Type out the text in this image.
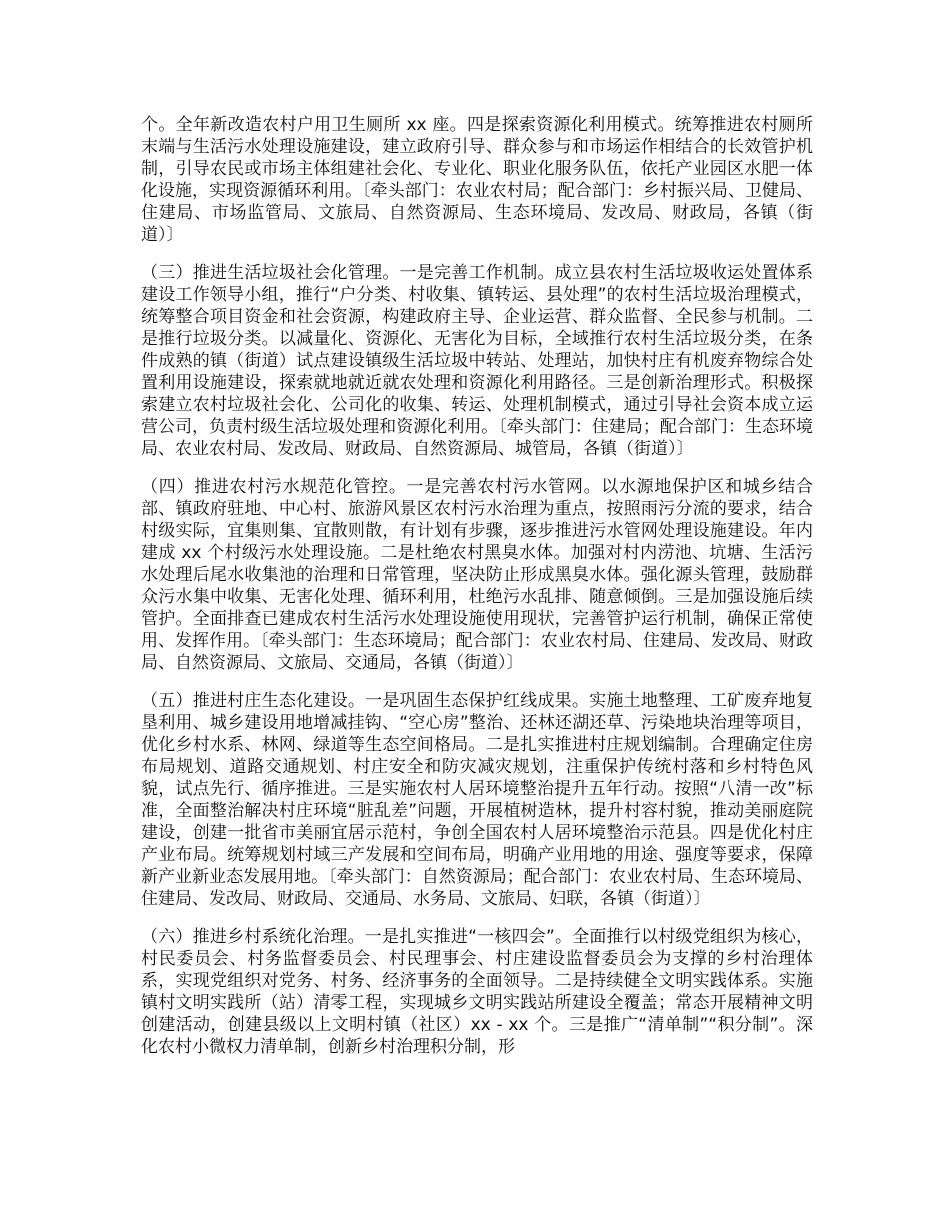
个。全年新改造农村户用卫生厕所 xx 座。四是探索资源化利用模式。统筹推进农村厕所末端与生活污水处理设施建设，建立政府引导、群众参与和市场运作相结合的长效管护机制，引导农民或市场主体组建社会化、专业化、职业化服务队伍，依托产业园区水肥一体化设施，实现资源循环利用。〔牵头部门：农业农村局；配合部门：乡村振兴局、卫健局、住建局、市场监管局、文旅局、自然资源局、生态环境局、发改局、财政局，各镇（街道）〕

（三）推进生活垃圾社会化管理。一是完善工作机制。成立县农村生活垃圾收运处置体系建设工作领导小组，推行“户分类、村收集、镇转运、县处理”的农村生活垃圾治理模式，统筹整合项目资金和社会资源，构建政府主导、企业运营、群众监督、全民参与机制。二是推行垃圾分类。以减量化、资源化、无害化为目标，全域推行农村生活垃圾分类，在条件成熟的镇（街道）试点建设镇级生活垃圾中转站、处理站，加快村庄有机废弃物综合处置利用设施建设，探索就地就近就农处理和资源化利用路径。三是创新治理形式。积极探索建立农村垃圾社会化、公司化的收集、转运、处理机制模式，通过引导社会资本成立运营公司，负责村级生活垃圾处理和资源化利用。〔牵头部门：住建局；配合部门：生态环境局、农业农村局、发改局、财政局、自然资源局、城管局，各镇（街道）〕

（四）推进农村污水规范化管控。一是完善农村污水管网。以水源地保护区和城乡结合部、镇政府驻地、中心村、旅游风景区农村污水治理为重点，按照雨污分流的要求，结合村级实际，宜集则集、宜散则散，有计划有步骤，逐步推进污水管网处理设施建设。年内建成 xx 个村级污水处理设施。二是杜绝农村黑臭水体。加强对村内涝池、坑塘、生活污水处理后尾水收集池的治理和日常管理，坚决防止形成黑臭水体。强化源头管理，鼓励群众污水集中收集、无害化处理、循环利用，杜绝污水乱排、随意倾倒。三是加强设施后续管护。全面排查已建成农村生活污水处理设施使用现状，完善管护运行机制，确保正常使用、发挥作用。〔牵头部门：生态环境局；配合部门：农业农村局、住建局、发改局、财政局、自然资源局、文旅局、交通局，各镇（街道）〕

（五）推进村庄生态化建设。一是巩固生态保护红线成果。实施土地整理、工矿废弃地复垦利用、城乡建设用地增减挂钩、“空心房”整治、还林还湖还草、污染地块治理等项目，优化乡村水系、林网、绿道等生态空间格局。二是扎实推进村庄规划编制。合理确定住房布局规划、道路交通规划、村庄安全和防灾减灾规划，注重保护传统村落和乡村特色风貌，试点先行、循序推进。三是实施农村人居环境整治提升五年行动。按照“八清一改”标准，全面整治解决村庄环境“脏乱差”问题，开展植树造林，提升村容村貌，推动美丽庭院建设，创建一批省市美丽宜居示范村，争创全国农村人居环境整治示范县。四是优化村庄产业布局。统筹规划村域三产发展和空间布局，明确产业用地的用途、强度等要求，保障新产业新业态发展用地。〔牵头部门：自然资源局；配合部门：农业农村局、生态环境局、住建局、发改局、财政局、交通局、水务局、文旅局、妇联，各镇（街道）〕

（六）推进乡村系统化治理。一是扎实推进“一核四会”。全面推行以村级党组织为核心，村民委员会、村务监督委员会、村民理事会、村庄建设监督委员会为支撑的乡村治理体系，实现党组织对党务、村务、经济事务的全面领导。二是持续健全文明实践体系。实施镇村文明实践所（站）清零工程，实现城乡文明实践站所建设全覆盖；常态开展精神文明创建活动，创建县级以上文明村镇（社区）xx - xx 个。三是推广“清单制”“积分制”。深化农村小微权力清单制，创新乡村治理积分制，形
